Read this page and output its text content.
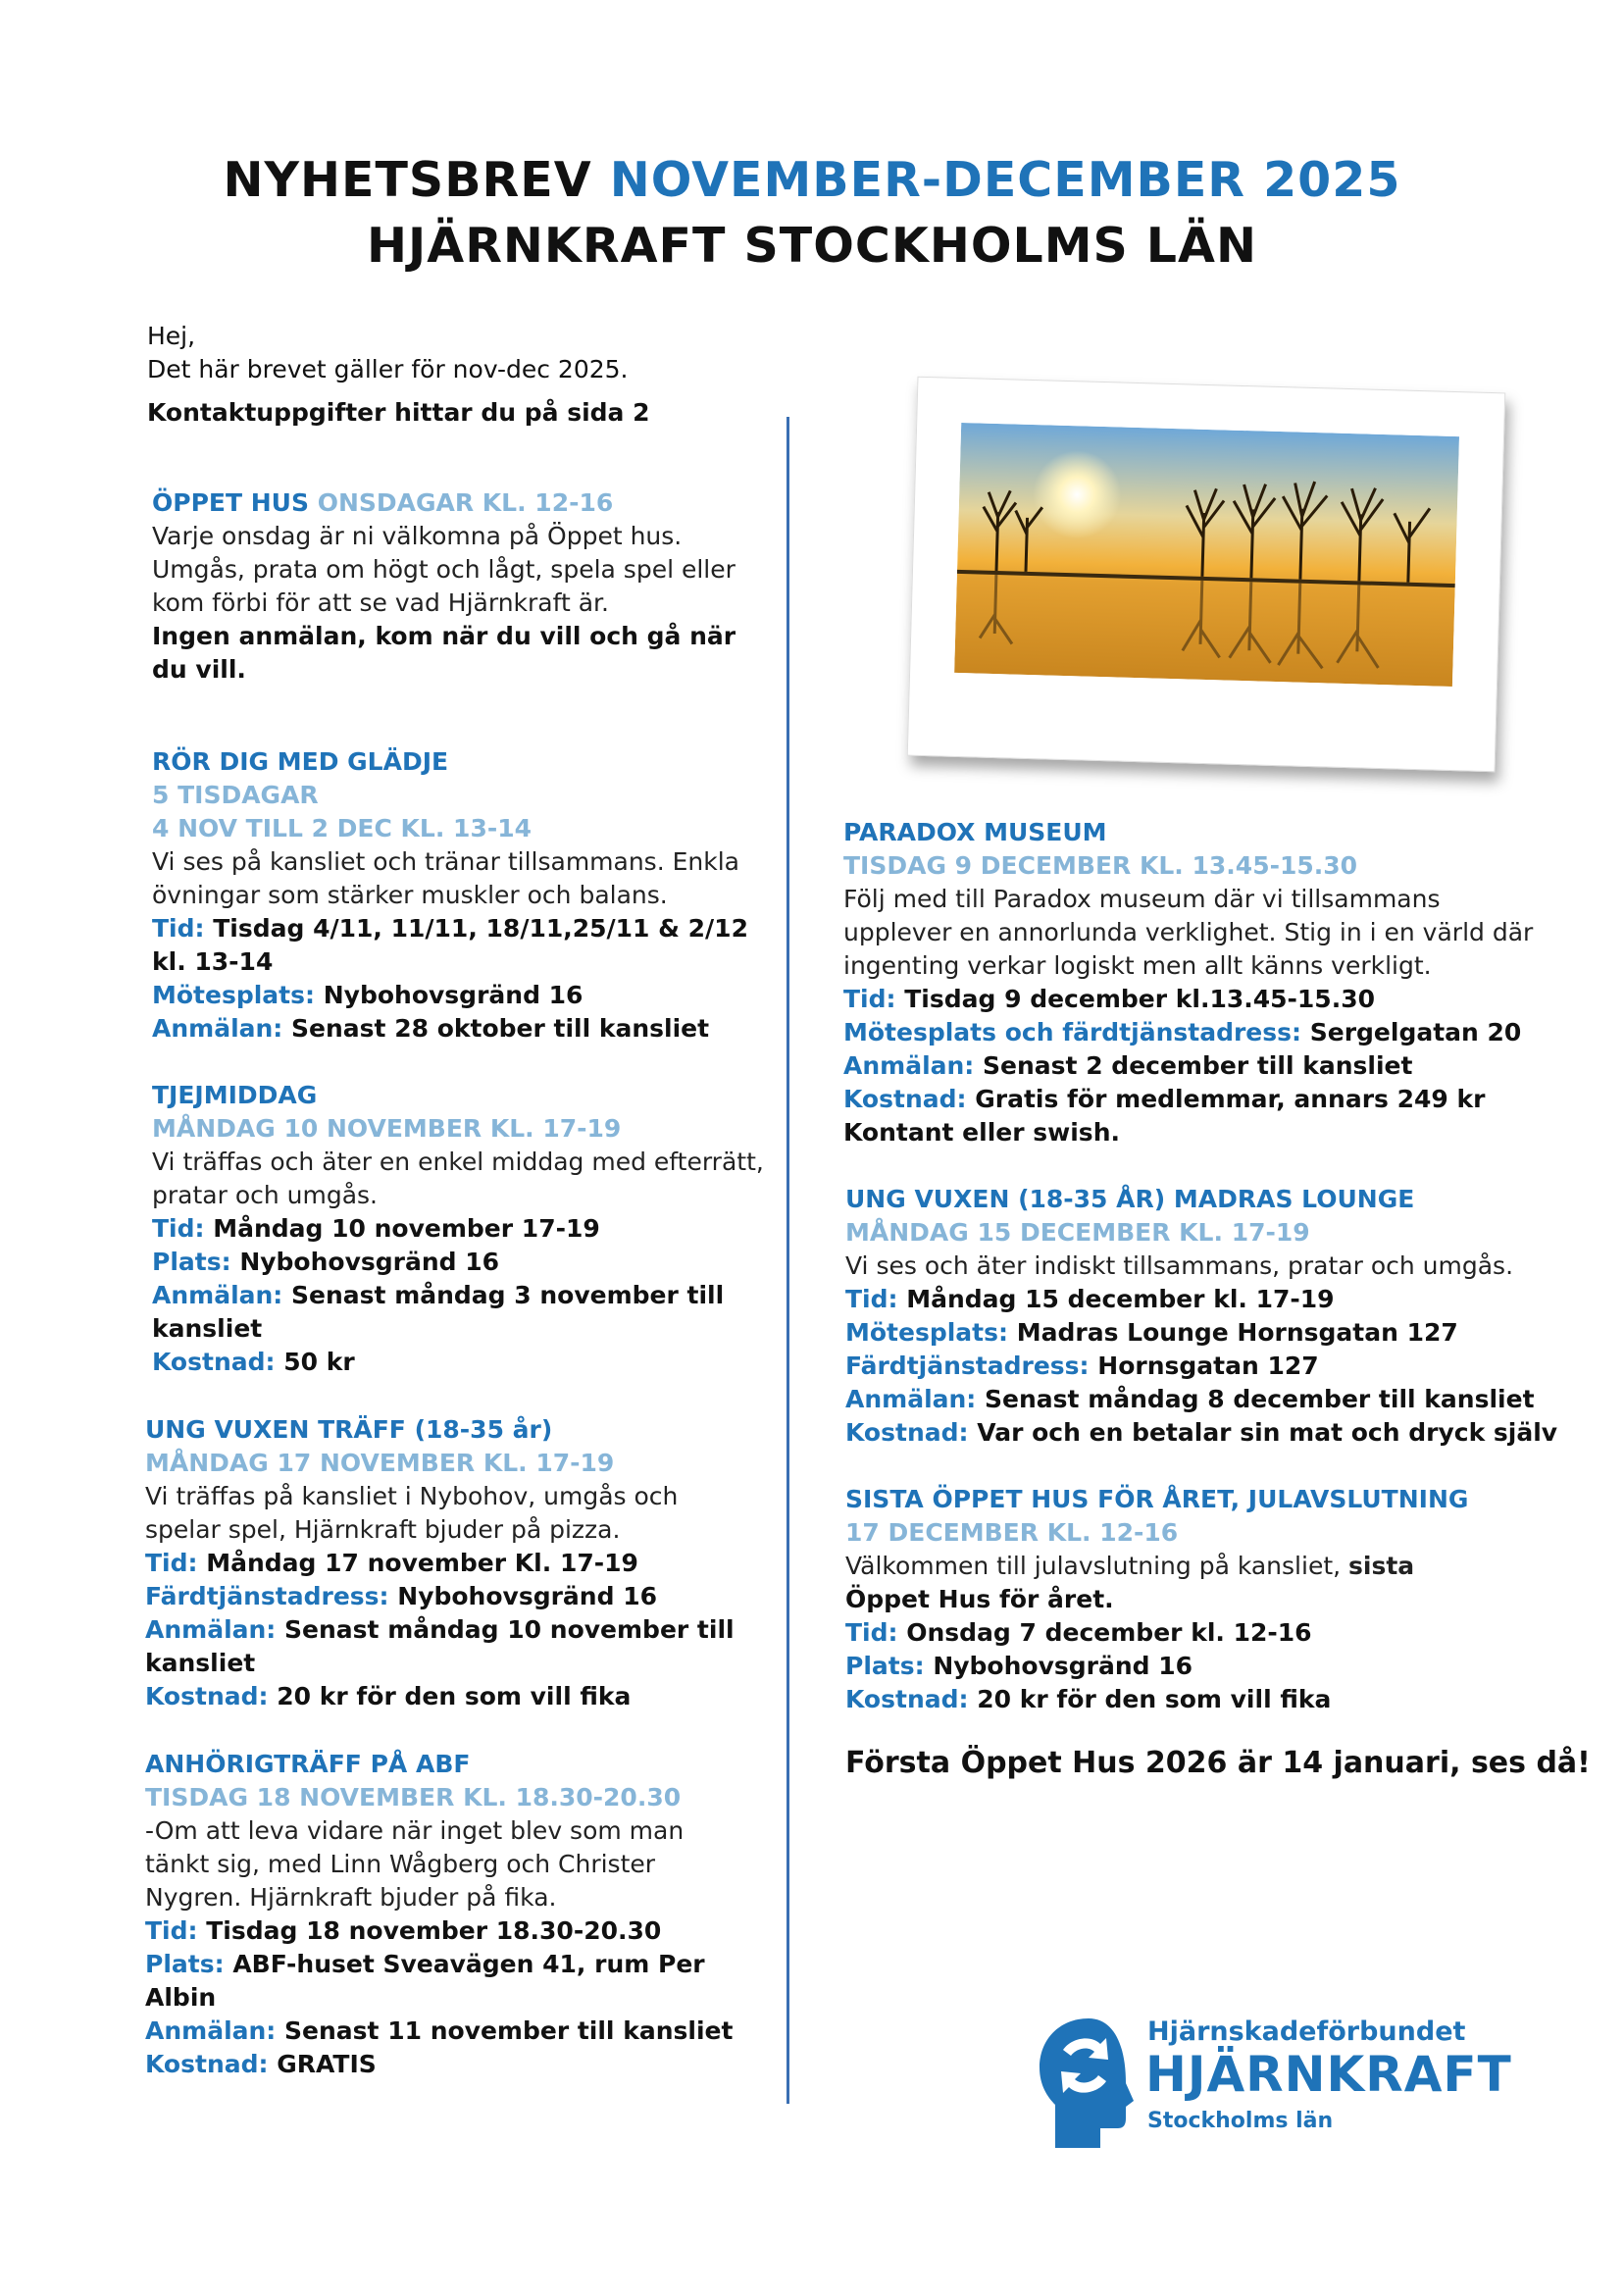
NYHETSBREV NOVEMBER-DECEMBER 2025
HJÄRNKRAFT STOCKHOLMS LÄN
Hej,
Det här brevet gäller för nov-dec 2025.
Kontaktuppgifter hittar du på sida 2
ÖPPET HUS ONSDAGAR KL. 12-16
Varje onsdag är ni välkomna på Öppet hus.
Umgås, prata om högt och lågt, spela spel eller
kom förbi för att se vad Hjärnkraft är.
Ingen anmälan, kom när du vill och gå när
du vill.
RÖR DIG MED GLÄDJE
5 TISDAGAR
4 NOV TILL 2 DEC KL. 13-14
Vi ses på kansliet och tränar tillsammans. Enkla
övningar som stärker muskler och balans.
Tid: Tisdag 4/11, 11/11, 18/11,25/11 & 2/12
kl. 13-14
Mötesplats: Nybohovsgränd 16
Anmälan: Senast 28 oktober till kansliet
TJEJMIDDAG
MÅNDAG 10 NOVEMBER KL. 17-19
Vi träffas och äter en enkel middag med efterrätt,
pratar och umgås.
Tid: Måndag 10 november 17-19
Plats: Nybohovsgränd 16
Anmälan: Senast måndag 3 november till
kansliet
Kostnad: 50 kr
UNG VUXEN TRÄFF (18-35 år)
MÅNDAG 17 NOVEMBER KL. 17-19
Vi träffas på kansliet i Nybohov, umgås och
spelar spel, Hjärnkraft bjuder på pizza.
Tid: Måndag 17 november Kl. 17-19
Färdtjänstadress: Nybohovsgränd 16
Anmälan: Senast måndag 10 november till
kansliet
Kostnad: 20 kr för den som vill fika
ANHÖRIGTRÄFF PÅ ABF
TISDAG 18 NOVEMBER KL. 18.30-20.30
-Om att leva vidare när inget blev som man
tänkt sig, med Linn Wågberg och Christer
Nygren. Hjärnkraft bjuder på fika.
Tid: Tisdag 18 november 18.30-20.30
Plats: ABF-huset Sveavägen 41, rum Per Albin
Anmälan: Senast 11 november till kansliet
Kostnad: GRATIS
PARADOX MUSEUM
TISDAG 9 DECEMBER KL. 13.45-15.30
Följ med till Paradox museum där vi tillsammans
upplever en annorlunda verklighet. Stig in i en värld där
ingenting verkar logiskt men allt känns verkligt.
Tid: Tisdag 9 december kl.13.45-15.30
Mötesplats och färdtjänstadress: Sergelgatan 20
Anmälan: Senast 2 december till kansliet
Kostnad: Gratis för medlemmar, annars 249 kr
Kontant eller swish.
UNG VUXEN (18-35 ÅR) MADRAS LOUNGE
MÅNDAG 15 DECEMBER KL. 17-19
Vi ses och äter indiskt tillsammans, pratar och umgås.
Tid: Måndag 15 december kl. 17-19
Mötesplats: Madras Lounge Hornsgatan 127
Färdtjänstadress: Hornsgatan 127
Anmälan: Senast måndag 8 december till kansliet
Kostnad: Var och en betalar sin mat och dryck själv
SISTA ÖPPET HUS FÖR ÅRET, JULAVSLUTNING
17 DECEMBER KL. 12-16
Välkommen till julavslutning på kansliet, sista
Öppet Hus för året.
Tid: Onsdag 7 december kl. 12-16
Plats: Nybohovsgränd 16
Kostnad: 20 kr för den som vill fika
Första Öppet Hus 2026 är 14 januari, ses då!
Hjärnskadeförbundet
HJÄRNKRAFT
Stockholms län
